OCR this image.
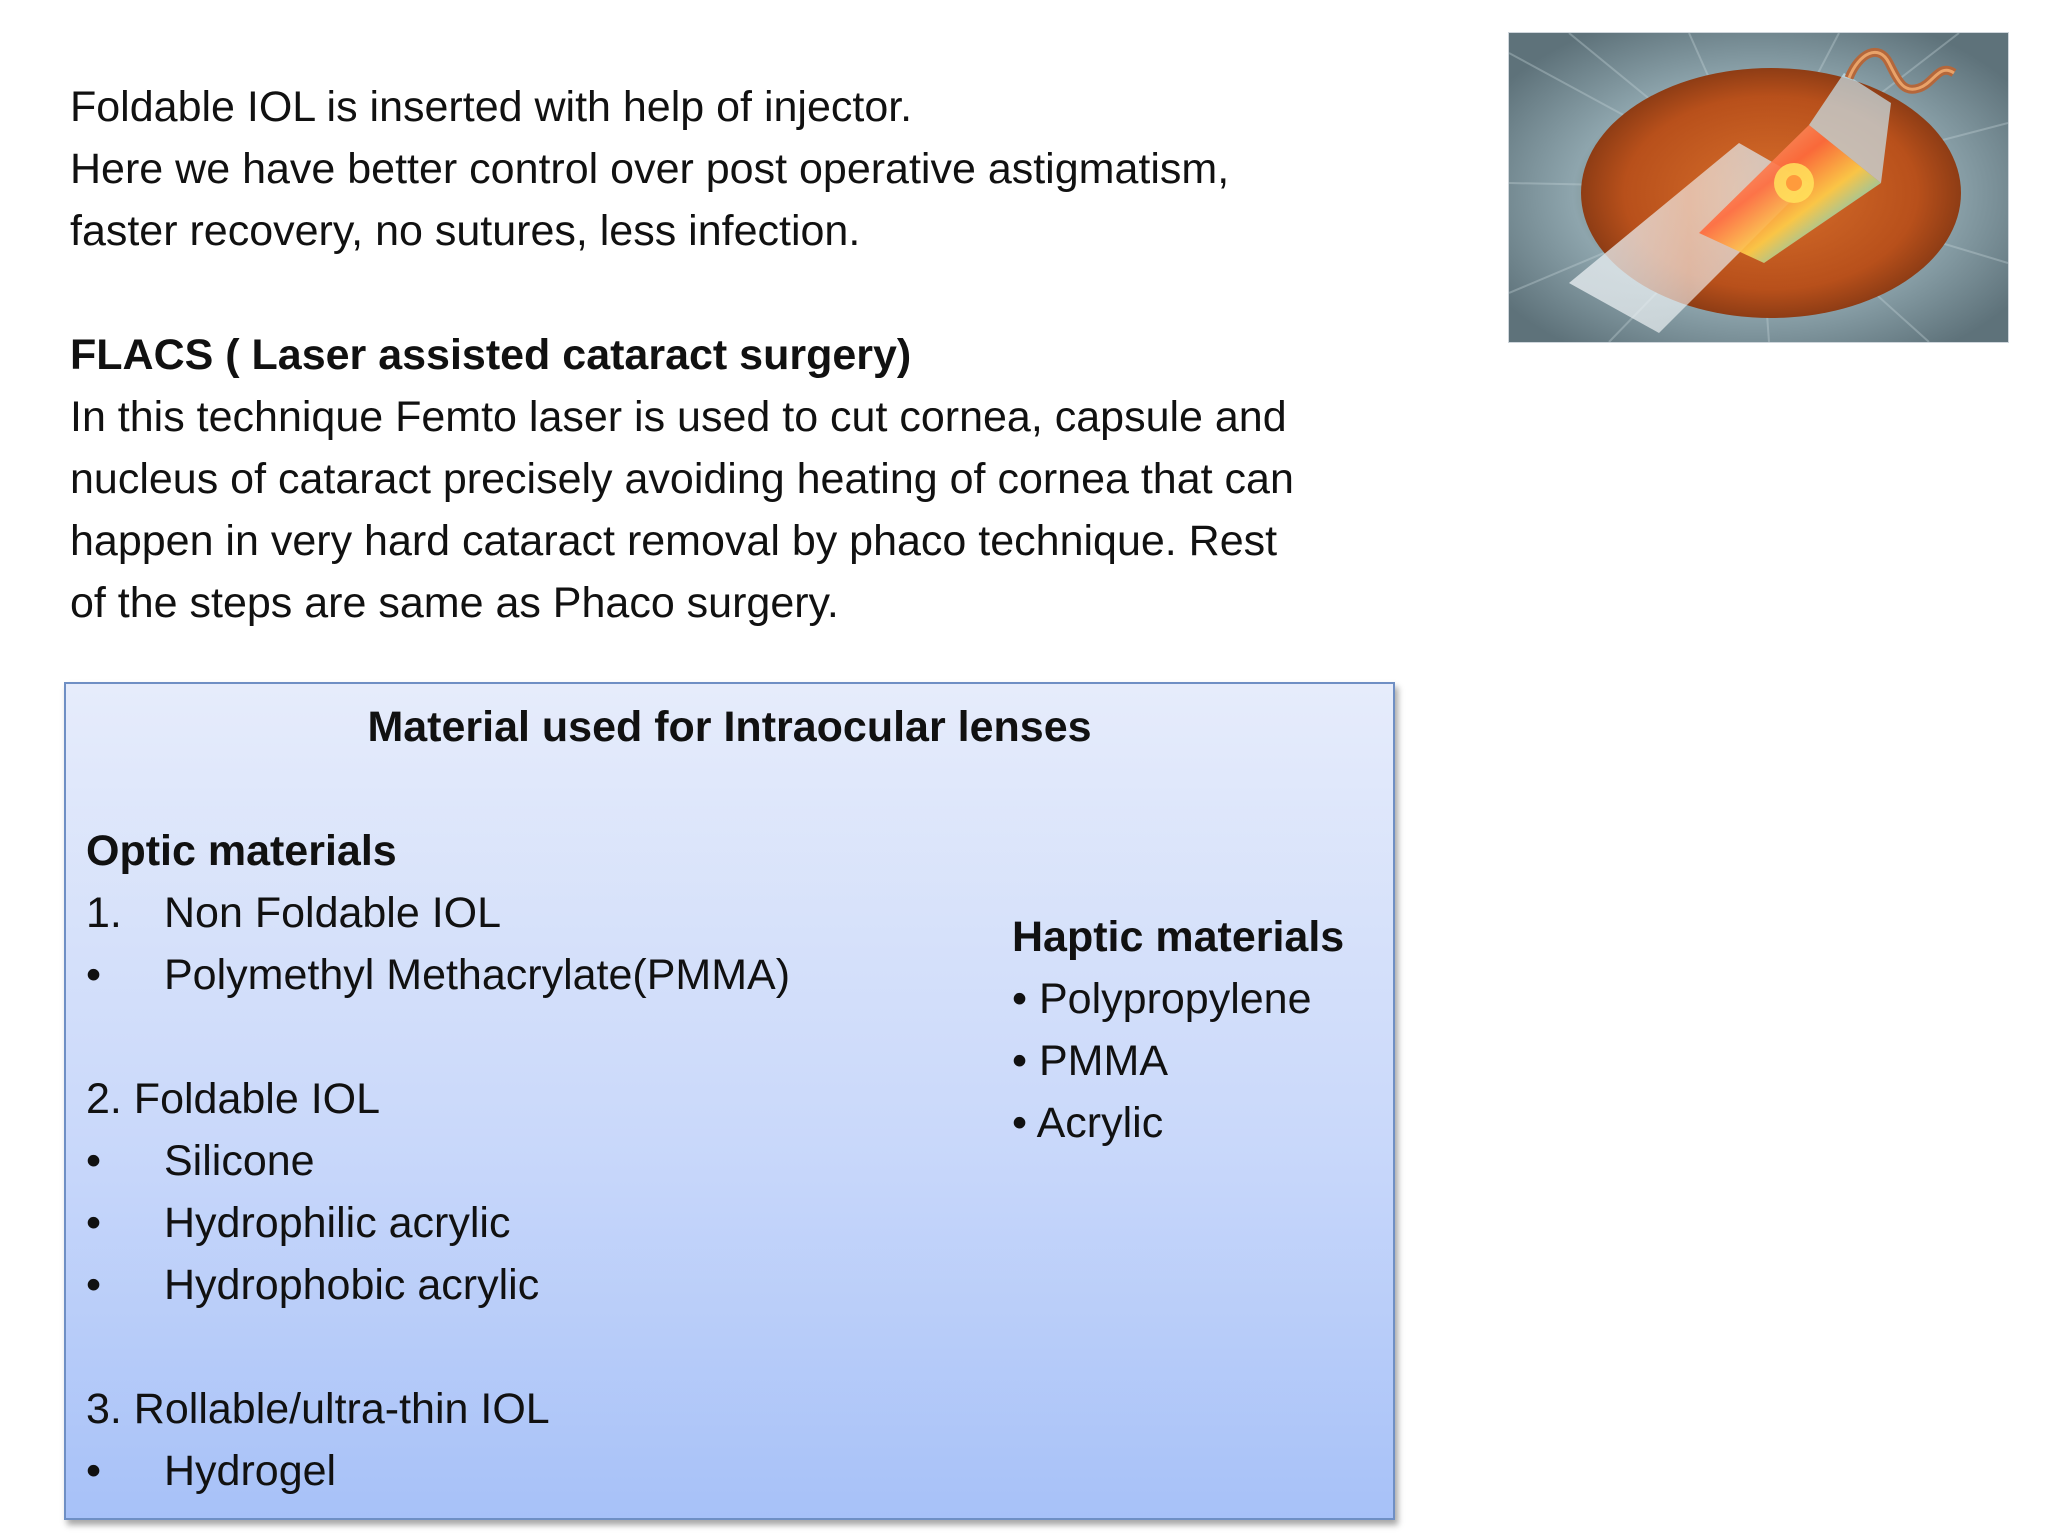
Foldable IOL is inserted with help of injector.

Here we have better control over post operative astigmatism,

faster recovery, no sutures, less infection.

FLACS ( Laser assisted cataract surgery)

In this technique Femto laser is used to cut cornea, capsule and

nucleus of cataract precisely avoiding heating of cornea that can

happen in very hard cataract removal by phaco technique. Rest

of the steps are same as Phaco surgery.

Material used for Intraocular lenses
Optic materials
1. Non Foldable IOL
•	Polymethyl Methacrylate(PMMA)
2. Foldable IOL
•	Silicone
•	Hydrophilic acrylic
•	Hydrophobic acrylic
3. Rollable/ultra-thin IOL
•	Hydrogel
Haptic materials
• Polypropylene
• PMMA
• Acrylic
